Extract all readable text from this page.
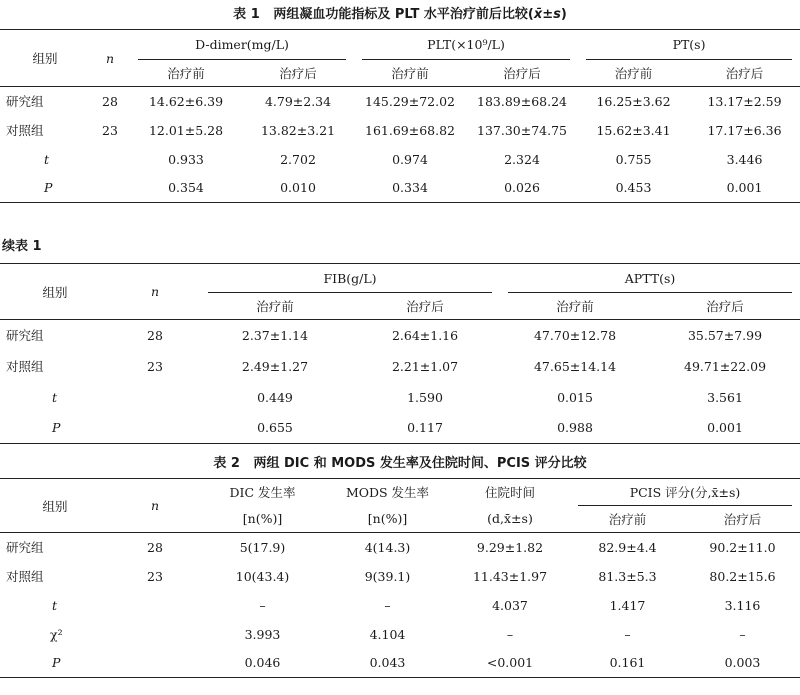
表 1 两组凝血功能指标及 PLT 水平治疗前后比较(x̄±s)
组别	n	D-dimer(mg/L)		PLT(×10⁹/L)		PT(s)	

		治疗前	治疗后	治疗前	治疗后	治疗前	治疗后
研究组	28	14.62±6.39	4.79±2.34	145.29±72.02	183.89±68.24	16.25±3.62	13.17±2.59
对照组	23	12.01±5.28	13.82±3.21	161.69±68.82	137.30±74.75	15.62±3.41	17.17±6.36
t		0.933	2.702	0.974	2.324	0.755	3.446
P		0.354	0.010	0.334	0.026	0.453	0.001
续表 1
组别	n	FIB(g/L)		APTT(s)	

		治疗前	治疗后	治疗前	治疗后
研究组	28	2.37±1.14	2.64±1.16	47.70±12.78	35.57±7.99
对照组	23	2.49±1.27	2.21±1.07	47.65±14.14	49.71±22.09
t		0.449	1.590	0.015	3.561
P		0.655	0.117	0.988	0.001
表 2 两组 DIC 和 MODS 发生率及住院时间、PCIS 评分比较
组别	n	DIC 发生率	MODS 发生率	住院时间	PCIS 评分(分,x̄±s)	

		[n(%)]	[n(%)]	(d,x̄±s)	治疗前	治疗后
研究组	28	5(17.9)	4(14.3)	9.29±1.82	82.9±4.4	90.2±11.0
对照组	23	10(43.4)	9(39.1)	11.43±1.97	81.3±5.3	80.2±15.6
t		–	–	4.037	1.417	3.116
χ²		3.993	4.104	–	–	–
P		0.046	0.043	<0.001	0.161	0.003
